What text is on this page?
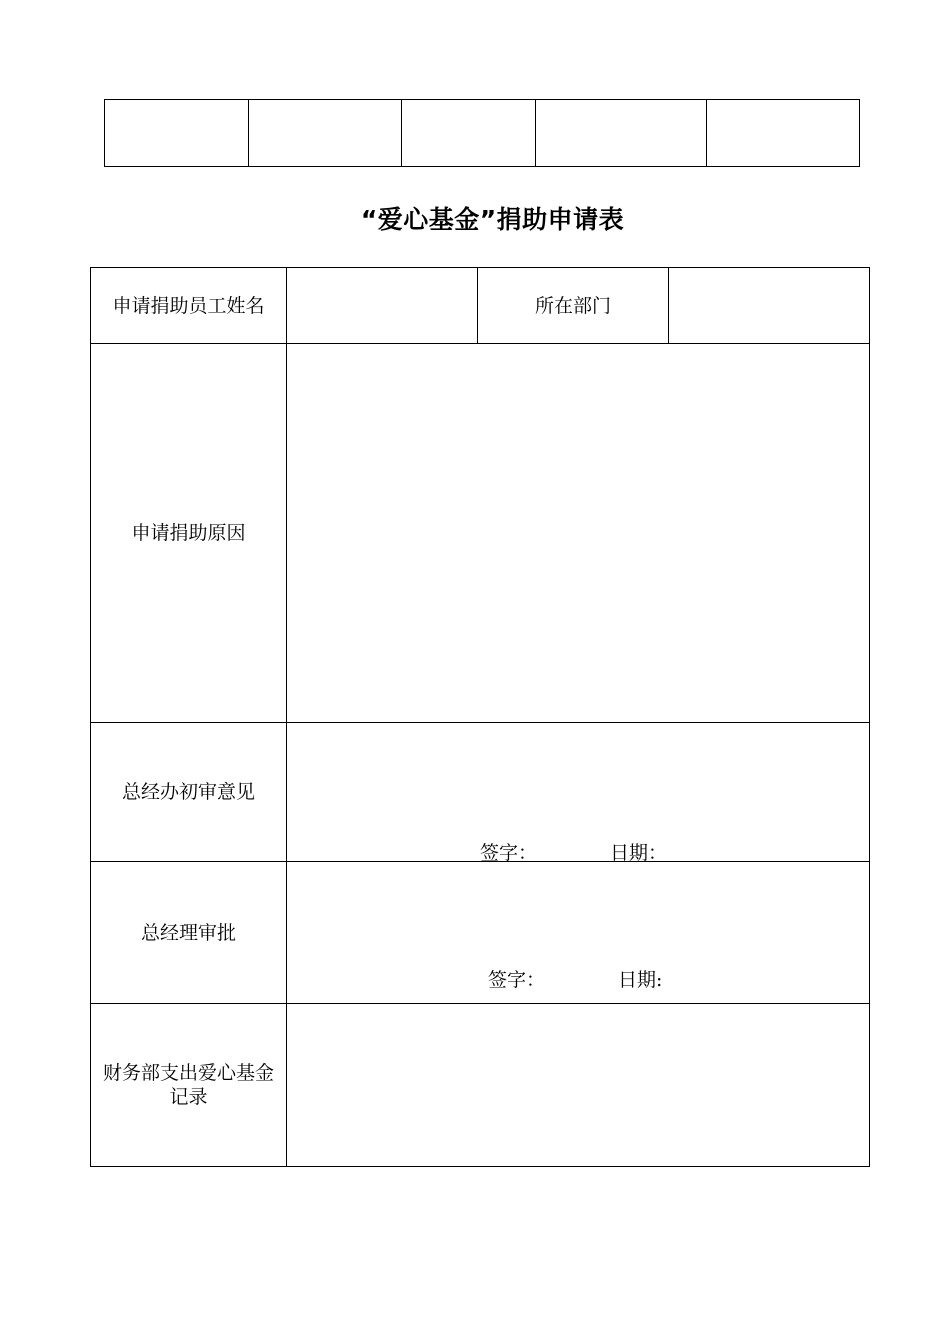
“爱心基金”捐助申请表
申请捐助员工姓名		所在部门	
申请捐助原因			
总经办初审意见	签字： 日期：		

总经理审批	签字： 日期:		

财务部支出爱心基金记录			
